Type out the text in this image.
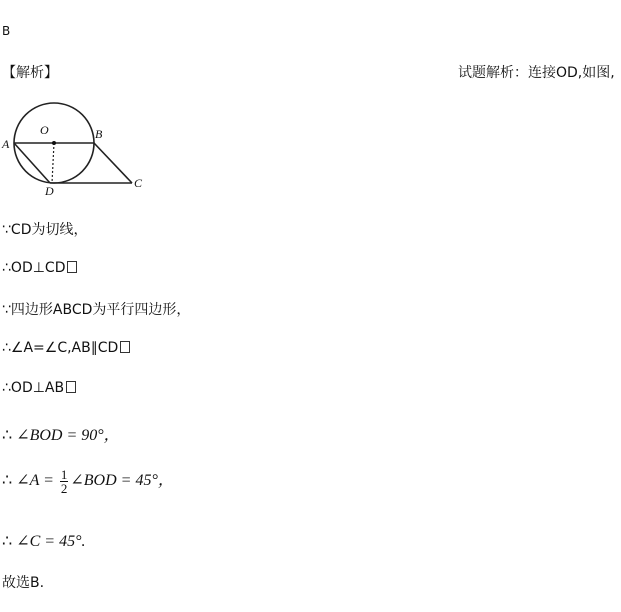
B
【解析】	试题解析：连接OD,如图,
A
O	B
D
C
∵CD为切线，
∴OD⊥CD
∵四边形ABCD为平行四边形，
∴∠A=∠C,AB∥CD
∴OD⊥AB
∴ ∠BOD = 90°，
∴ ∠A = $\frac{1}{2}$ ∠BOD = 45°，
∴ ∠C = 45°.
故选B.
